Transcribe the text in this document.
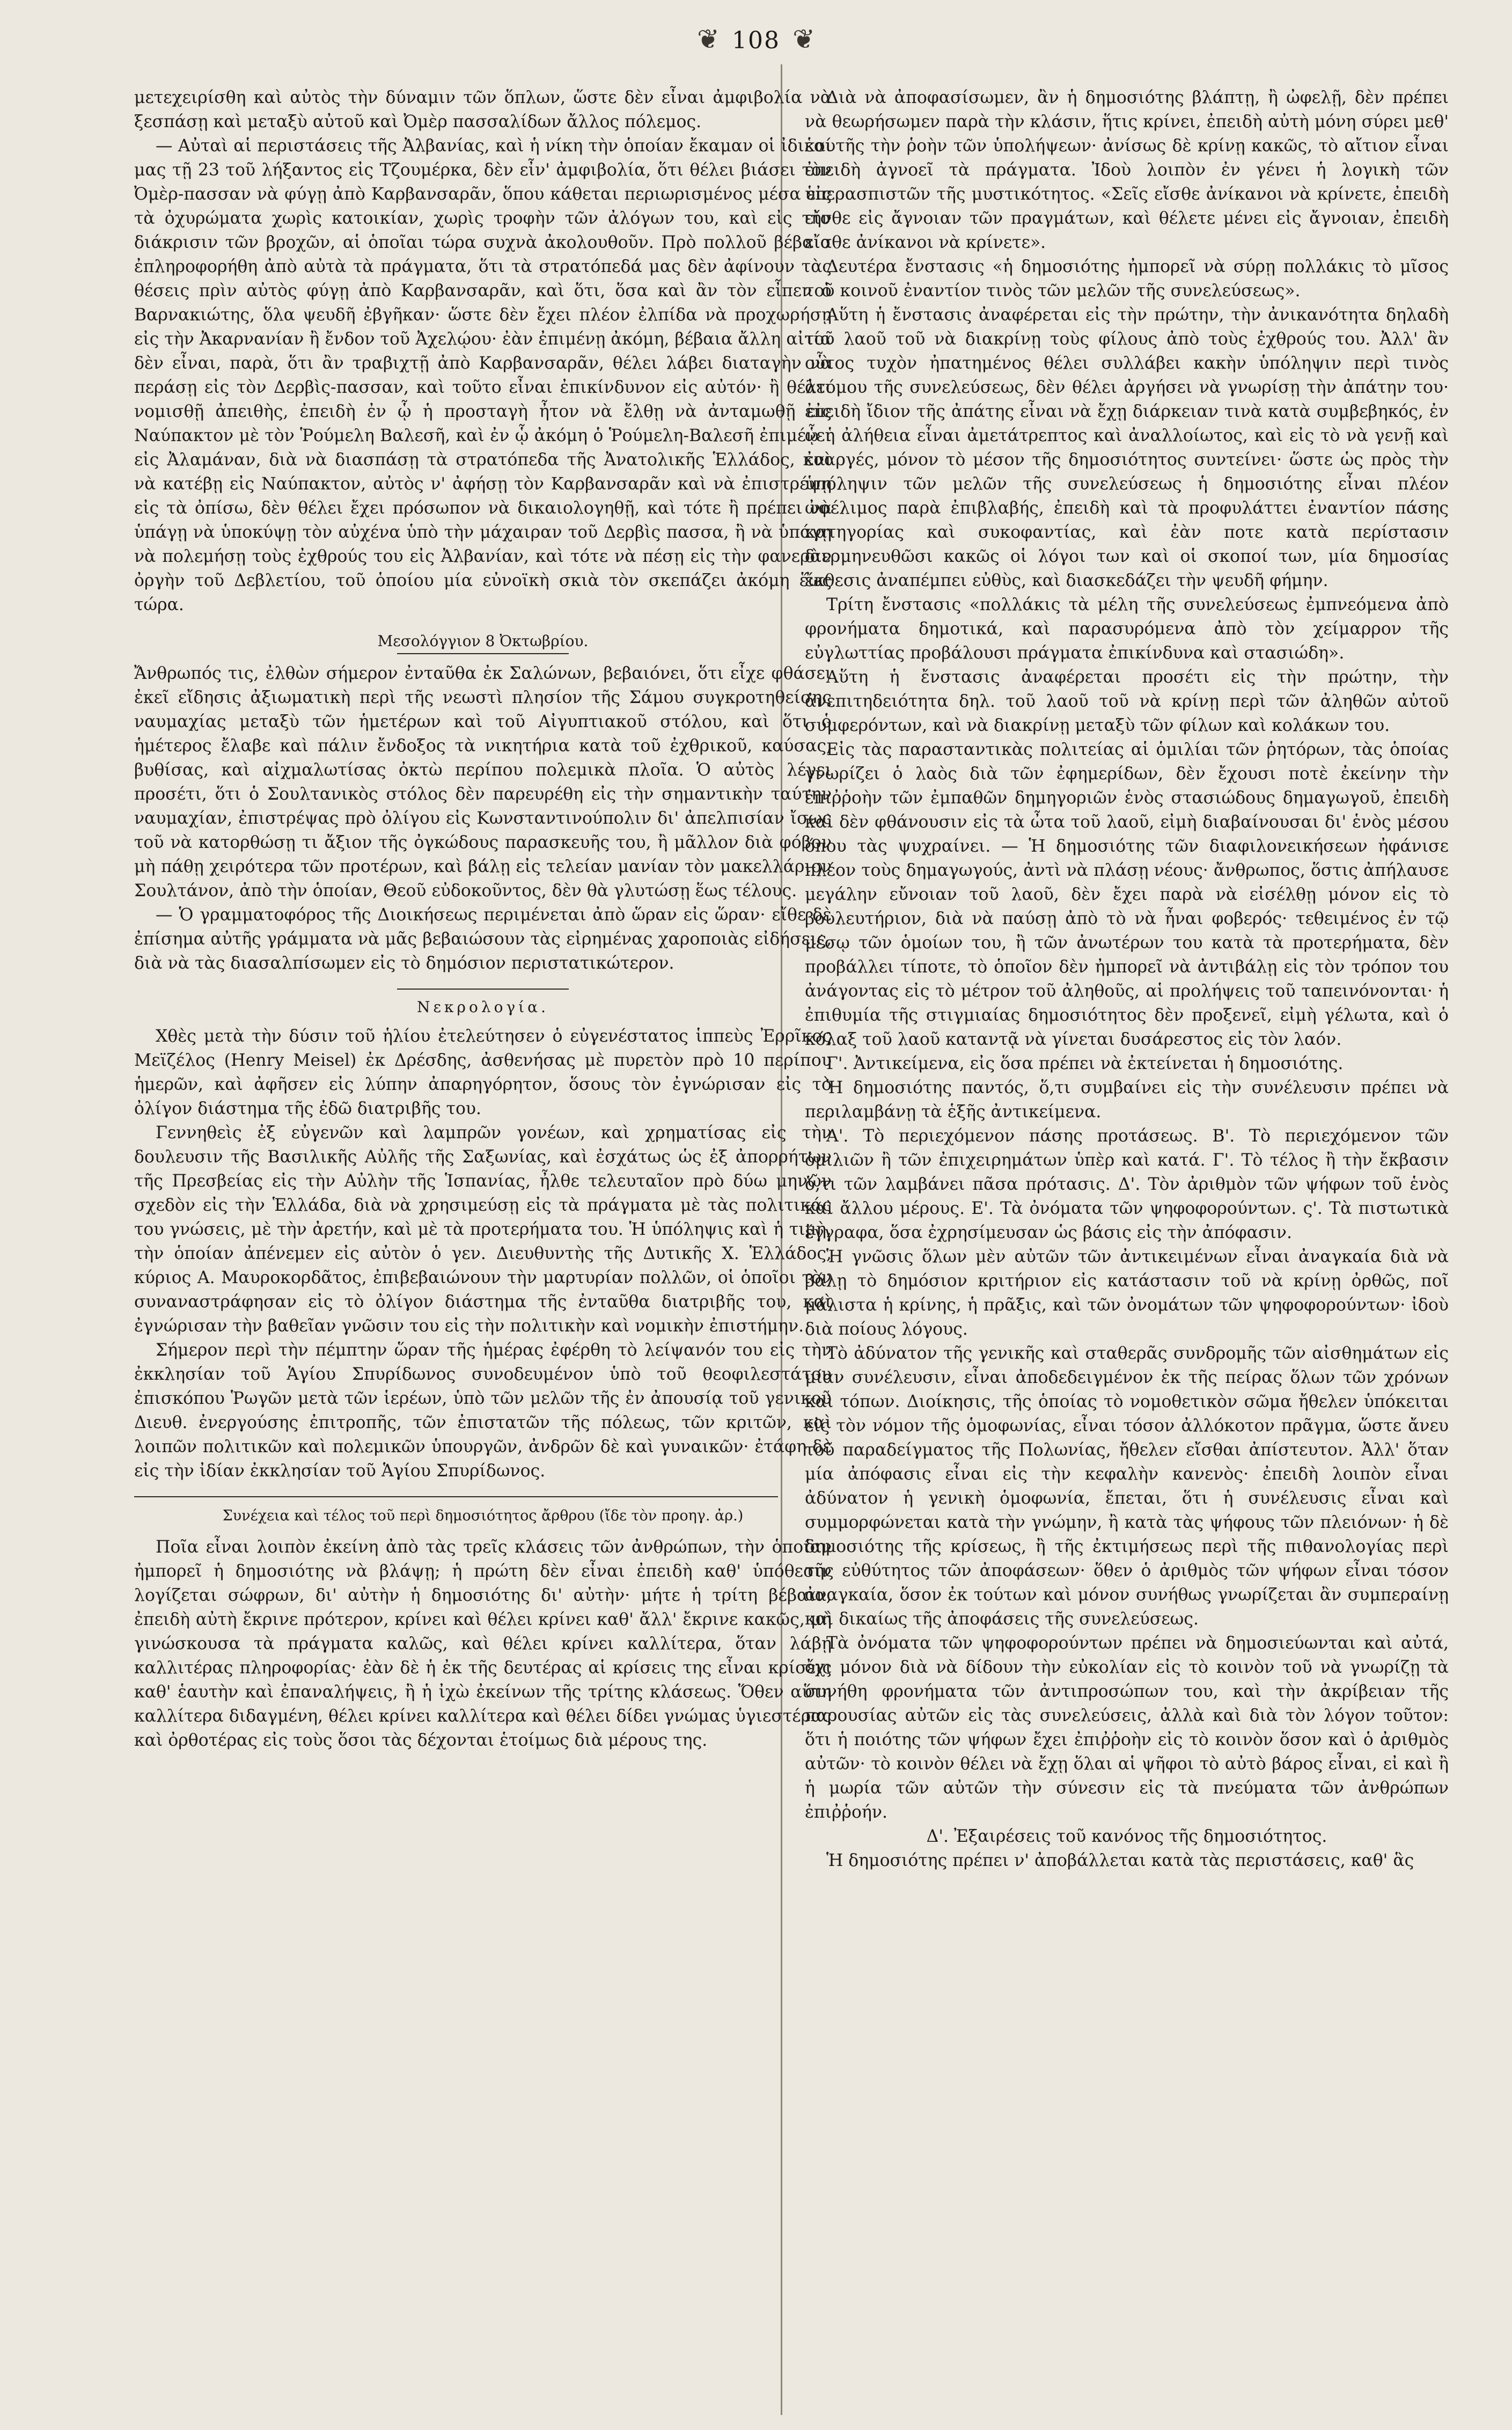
❦ 108 ❦

μετεχειρίσθη καὶ αὐτὸς τὴν δύναμιν τῶν ὅπλων, ὥστε δὲν εἶναι ἀμφιβολία νὰ ξεσπάσῃ καὶ μεταξὺ αὐτοῦ καὶ Ὀμὲρ πασσαλίδων ἄλλος πόλεμος.

— Αὐταὶ αἱ περιστάσεις τῆς Ἀλβανίας, καὶ ἡ νίκη τὴν ὁποίαν ἔκαμαν οἱ ἰδικοί μας τῇ 23 τοῦ λήξαντος εἰς Τζουμέρκα, δὲν εἶν' ἀμφιβολία, ὅτι θέλει βιάσει τὸν Ὀμὲρ-πασσαν νὰ φύγῃ ἀπὸ Καρβανσαρᾶν, ὅπου κάθεται περιωρισμένος μέσα εἰς τὰ ὀχυρώματα χωρὶς κατοικίαν, χωρὶς τροφὴν τῶν ἀλόγων του, καὶ εἰς τὴν διάκρισιν τῶν βροχῶν, αἱ ὁποῖαι τώρα συχνὰ ἀκολουθοῦν. Πρὸ πολλοῦ βέβαια ἐπληροφορήθη ἀπὸ αὐτὰ τὰ πράγματα, ὅτι τὰ στρατόπεδά μας δὲν ἀφίνουν τὰς θέσεις πρὶν αὐτὸς φύγῃ ἀπὸ Καρβανσαρᾶν, καὶ ὅτι, ὅσα καὶ ἂν τὸν εἶπεν ὁ Βαρνακιώτης, ὅλα ψευδῆ ἐβγῆκαν· ὥστε δὲν ἔχει πλέον ἐλπίδα νὰ προχωρήσῃ εἰς τὴν Ἀκαρνανίαν ἢ ἔνδον τοῦ Ἀχελῴου· ἐὰν ἐπιμένῃ ἀκόμη, βέβαια ἄλλη αἰτία δὲν εἶναι, παρὰ, ὅτι ἂν τραβιχτῇ ἀπὸ Καρβανσαρᾶν, θέλει λάβει διαταγὴν νὰ περάσῃ εἰς τὸν Δερβὶς-πασσαν, καὶ τοῦτο εἶναι ἐπικίνδυνον εἰς αὐτόν· ἢ θέλει νομισθῇ ἀπειθὴς, ἐπειδὴ ἐν ᾧ ἡ προσταγὴ ἦτον νὰ ἔλθῃ νὰ ἀνταμωθῇ εἰς Ναύπακτον μὲ τὸν Ῥούμελη Βαλεσῆ, καὶ ἐν ᾧ ἀκόμη ὁ Ῥούμελη-Βαλεσῆ ἐπιμένει εἰς Ἀλαμάναν, διὰ νὰ διασπάσῃ τὰ στρατόπεδα τῆς Ἀνατολικῆς Ἑλλάδος, καὶ νὰ κατέβῃ εἰς Ναύπακτον, αὐτὸς ν' ἀφήσῃ τὸν Καρβανσαρᾶν καὶ νὰ ἐπιστρέψῃ εἰς τὰ ὀπίσω, δὲν θέλει ἔχει πρόσωπον νὰ δικαιολογηθῇ, καὶ τότε ἢ πρέπει νὰ ὑπάγῃ νὰ ὑποκύψῃ τὸν αὐχένα ὑπὸ τὴν μάχαιραν τοῦ Δερβὶς πασσα, ἢ νὰ ὑπάγῃ νὰ πολεμήσῃ τοὺς ἐχθρούς του εἰς Ἀλβανίαν, καὶ τότε νὰ πέσῃ εἰς τὴν φανερὰν ὀργὴν τοῦ Δεβλετίου, τοῦ ὁποίου μία εὐνοϊκὴ σκιὰ τὸν σκεπάζει ἀκόμη ἕως τώρα.

Μεσολόγγιον 8 Ὀκτωβρίου.

Ἄνθρωπός τις, ἐλθὼν σήμερον ἐνταῦθα ἐκ Σαλώνων, βεβαιόνει, ὅτι εἶχε φθάσει ἐκεῖ εἴδησις ἀξιωματικὴ περὶ τῆς νεωστὶ πλησίον τῆς Σάμου συγκροτηθείσης ναυμαχίας μεταξὺ τῶν ἡμετέρων καὶ τοῦ Αἰγυπτιακοῦ στόλου, καὶ ὅτι ὁ ἡμέτερος ἔλαβε καὶ πάλιν ἔνδοξος τὰ νικητήρια κατὰ τοῦ ἐχθρικοῦ, καύσας, βυθίσας, καὶ αἰχμαλωτίσας ὀκτὼ περίπου πολεμικὰ πλοῖα. Ὁ αὐτὸς λέγει προσέτι, ὅτι ὁ Σουλτανικὸς στόλος δὲν παρευρέθη εἰς τὴν σημαντικὴν ταύτην ναυμαχίαν, ἐπιστρέψας πρὸ ὀλίγου εἰς Κωνσταντινούπολιν δι' ἀπελπισίαν ἴσως τοῦ νὰ κατορθώσῃ τι ἄξιον τῆς ὀγκώδους παρασκευῆς του, ἢ μᾶλλον διὰ φόβον μὴ πάθῃ χειρότερα τῶν προτέρων, καὶ βάλῃ εἰς τελείαν μανίαν τὸν μακελλάριον Σουλτάνον, ἀπὸ τὴν ὁποίαν, Θεοῦ εὐδοκοῦντος, δὲν θὰ γλυτώσῃ ἕως τέλους.

— Ὁ γραμματοφόρος τῆς Διοικήσεως περιμένεται ἀπὸ ὥραν εἰς ὥραν· εἴθε δὲ ἐπίσημα αὐτῆς γράμματα νὰ μᾶς βεβαιώσουν τὰς εἰρημένας χαροποιὰς εἰδήσεις, διὰ νὰ τὰς διασαλπίσωμεν εἰς τὸ δημόσιον περιστατικώτερον.

Νεκρολογία.

Χθὲς μετὰ τὴν δύσιν τοῦ ἡλίου ἐτελεύτησεν ὁ εὐγενέστατος ἱππεὺς Ἐρρῖκος Μεϊζέλος (Henry Meisel) ἐκ Δρέσδης, ἀσθενήσας μὲ πυρετὸν πρὸ 10 περίπου ἡμερῶν, καὶ ἀφῆσεν εἰς λύπην ἀπαρηγόρητον, ὅσους τὸν ἐγνώρισαν εἰς τὸ ὀλίγον διάστημα τῆς ἐδῶ διατριβῆς του.

Γεννηθεὶς ἐξ εὐγενῶν καὶ λαμπρῶν γονέων, καὶ χρηματίσας εἰς τὴν δουλευσιν τῆς Βασιλικῆς Αὐλῆς τῆς Σαξωνίας, καὶ ἐσχάτως ὡς ἐξ ἀπορρήτων τῆς Πρεσβείας εἰς τὴν Αὐλὴν τῆς Ἱσπανίας, ἦλθε τελευταῖον πρὸ δύω μηνῶν σχεδὸν εἰς τὴν Ἑλλάδα, διὰ νὰ χρησιμεύσῃ εἰς τὰ πράγματα μὲ τὰς πολιτικάς του γνώσεις, μὲ τὴν ἀρετήν, καὶ μὲ τὰ προτερήματα του. Ἡ ὑπόληψις καὶ ἡ τιμὴ, τὴν ὁποίαν ἀπένεμεν εἰς αὐτὸν ὁ γεν. Διευθυντὴς τῆς Δυτικῆς Χ. Ἑλλάδος, κύριος Α. Μαυροκορδᾶτος, ἐπιβεβαιώνουν τὴν μαρτυρίαν πολλῶν, οἱ ὁποῖοι τὸν συναναστράφησαν εἰς τὸ ὀλίγον διάστημα τῆς ἐνταῦθα διατριβῆς του, καὶ ἐγνώρισαν τὴν βαθεῖαν γνῶσιν του εἰς τὴν πολιτικὴν καὶ νομικὴν ἐπιστήμην.

Σήμερον περὶ τὴν πέμπτην ὥραν τῆς ἡμέρας ἐφέρθη τὸ λείψανόν του εἰς τὴν ἐκκλησίαν τοῦ Ἁγίου Σπυρίδωνος συνοδευμένον ὑπὸ τοῦ θεοφιλεστάτου ἐπισκόπου Ῥωγῶν μετὰ τῶν ἱερέων, ὑπὸ τῶν μελῶν τῆς ἐν ἀπουσίᾳ τοῦ γενικοῦ Διευθ. ἐνεργούσης ἐπιτροπῆς, τῶν ἐπιστατῶν τῆς πόλεως, τῶν κριτῶν, καὶ λοιπῶν πολιτικῶν καὶ πολεμικῶν ὑπουργῶν, ἀνδρῶν δὲ καὶ γυναικῶν· ἐτάφη δὲ εἰς τὴν ἰδίαν ἐκκλησίαν τοῦ Ἁγίου Σπυρίδωνος.

Συνέχεια καὶ τέλος τοῦ περὶ δημοσιότητος ἄρθρου (ἴδε τὸν προηγ. ἀρ.)

Ποῖα εἶναι λοιπὸν ἐκείνη ἀπὸ τὰς τρεῖς κλάσεις τῶν ἀνθρώπων, τὴν ὁποίαν ἠμπορεῖ ἡ δημοσιότης νὰ βλάψῃ; ἡ πρώτη δὲν εἶναι ἐπειδὴ καθ' ὑπόθεσιν λογίζεται σώφρων, δι' αὐτὴν ἡ δημοσιότης δι' αὐτὴν· μήτε ἡ τρίτη βέβαια, ἐπειδὴ αὐτὴ ἔκρινε πρότερον, κρίνει καὶ θέλει κρίνει καθ' ἄλλ' ἔκρινε κακῶς, μὴ γινώσκουσα τὰ πράγματα καλῶς, καὶ θέλει κρίνει καλλίτερα, ὅταν λάβῃ καλλιτέρας πληροφορίας· ἐὰν δὲ ἡ ἐκ τῆς δευτέρας αἱ κρίσεις της εἶναι κρίσεις καθ' ἑαυτὴν καὶ ἐπαναλήψεις, ἢ ἡ ἰχὼ ἐκείνων τῆς τρίτης κλάσεως. Ὅθεν αὕτη καλλίτερα διδαγμένη, θέλει κρίνει καλλίτερα καὶ θέλει δίδει γνώμας ὑγιεστέρας καὶ ὀρθοτέρας εἰς τοὺς ὅσοι τὰς δέχονται ἑτοίμως διὰ μέρους της.

Διὰ νὰ ἀποφασίσωμεν, ἂν ἡ δημοσιότης βλάπτῃ, ἢ ὠφελῇ, δὲν πρέπει νὰ θεωρήσωμεν παρὰ τὴν κλάσιν, ἥτις κρίνει, ἐπειδὴ αὐτὴ μόνη σύρει μεθ' ἑαυτῆς τὴν ῥοὴν τῶν ὑπολήψεων· ἀνίσως δὲ κρίνῃ κακῶς, τὸ αἴτιον εἶναι ἐπειδὴ ἀγνοεῖ τὰ πράγματα. Ἰδοὺ λοιπὸν ἐν γένει ἡ λογικὴ τῶν ὑπερασπιστῶν τῆς μυστικότητος. «Σεῖς εἴσθε ἀνίκανοι νὰ κρίνετε, ἐπειδὴ εἴσθε εἰς ἄγνοιαν τῶν πραγμάτων, καὶ θέλετε μένει εἰς ἄγνοιαν, ἐπειδὴ εἴσθε ἀνίκανοι νὰ κρίνετε».

Δευτέρα ἔνστασις «ἡ δημοσιότης ἠμπορεῖ νὰ σύρῃ πολλάκις τὸ μῖσος τοῦ κοινοῦ ἐναντίον τινὸς τῶν μελῶν τῆς συνελεύσεως».

Αὕτη ἡ ἔνστασις ἀναφέρεται εἰς τὴν πρώτην, τὴν ἀνικανότητα δηλαδὴ τοῦ λαοῦ τοῦ νὰ διακρίνῃ τοὺς φίλους ἀπὸ τοὺς ἐχθρούς του. Ἀλλ' ἂν οὗτος τυχὸν ἠπατημένος θέλει συλλάβει κακὴν ὑπόληψιν περὶ τινὸς ἀτόμου τῆς συνελεύσεως, δὲν θέλει ἀργήσει νὰ γνωρίσῃ τὴν ἀπάτην του· ἐπειδὴ ἴδιον τῆς ἀπάτης εἶναι νὰ ἔχῃ διάρκειαν τινὰ κατὰ συμβεβηκός, ἐν ᾧ ἡ ἀλήθεια εἶναι ἀμετάτρεπτος καὶ ἀναλλοίωτος, καὶ εἰς τὸ νὰ γενῇ καὶ ἐναργές, μόνον τὸ μέσον τῆς δημοσιότητος συντείνει· ὥστε ὡς πρὸς τὴν ὑπόληψιν τῶν μελῶν τῆς συνελεύσεως ἡ δημοσιότης εἶναι πλέον ὠφέλιμος παρὰ ἐπιβλαβής, ἐπειδὴ καὶ τὰ προφυλάττει ἐναντίον πάσης κατηγορίας καὶ συκοφαντίας, καὶ ἐὰν ποτε κατὰ περίστασιν διερμηνευθῶσι κακῶς οἱ λόγοι των καὶ οἱ σκοποί των, μία δημοσίας ἔκθεσις ἀναπέμπει εὐθὺς, καὶ διασκεδάζει τὴν ψευδῆ φήμην.

Τρίτη ἔνστασις «πολλάκις τὰ μέλη τῆς συνελεύσεως ἐμπνεόμενα ἀπὸ φρονήματα δημοτικά, καὶ παρασυρόμενα ἀπὸ τὸν χείμαρρον τῆς εὐγλωττίας προβάλουσι πράγματα ἐπικίνδυνα καὶ στασιώδη».

Αὕτη ἡ ἔνστασις ἀναφέρεται προσέτι εἰς τὴν πρώτην, τὴν ἀνεπιτηδειότητα δηλ. τοῦ λαοῦ τοῦ νὰ κρίνῃ περὶ τῶν ἀληθῶν αὐτοῦ συμφερόντων, καὶ νὰ διακρίνῃ μεταξὺ τῶν φίλων καὶ κολάκων του.

Εἰς τὰς παρασταντικὰς πολιτείας αἱ ὁμιλίαι τῶν ῥητόρων, τὰς ὁποίας γνωρίζει ὁ λαὸς διὰ τῶν ἐφημερίδων, δὲν ἔχουσι ποτὲ ἐκείνην τὴν ἐπιῤῥοὴν τῶν ἐμπαθῶν δημηγοριῶν ἑνὸς στασιώδους δημαγωγοῦ, ἐπειδὴ καὶ δὲν φθάνουσιν εἰς τὰ ὦτα τοῦ λαοῦ, εἰμὴ διαβαίνουσαι δι' ἑνὸς μέσου ὅπου τὰς ψυχραίνει. — Ἡ δημοσιότης τῶν διαφιλονεικήσεων ἠφάνισε πλέον τοὺς δημαγωγούς, ἀντὶ νὰ πλάσῃ νέους· ἄνθρωπος, ὅστις ἀπήλαυσε μεγάλην εὔνοιαν τοῦ λαοῦ, δὲν ἔχει παρὰ νὰ εἰσέλθῃ μόνον εἰς τὸ βουλευτήριον, διὰ νὰ παύσῃ ἀπὸ τὸ νὰ ἦναι φοβερός· τεθειμένος ἐν τῷ μέσῳ τῶν ὁμοίων του, ἢ τῶν ἀνωτέρων του κατὰ τὰ προτερήματα, δὲν προβάλλει τίποτε, τὸ ὁποῖον δὲν ἠμπορεῖ νὰ ἀντιβάλῃ εἰς τὸν τρόπον του ἀνάγοντας εἰς τὸ μέτρον τοῦ ἀληθοῦς, αἱ προλήψεις τοῦ ταπεινόνονται· ἡ ἐπιθυμία τῆς στιγμιαίας δημοσιότητος δὲν προξενεῖ, εἰμὴ γέλωτα, καὶ ὁ κόλαξ τοῦ λαοῦ καταντᾷ νὰ γίνεται δυσάρεστος εἰς τὸν λαόν.

Γ'. Ἀντικείμενα, εἰς ὅσα πρέπει νὰ ἐκτείνεται ἡ δημοσιότης.

Ἡ δημοσιότης παντός, ὅ,τι συμβαίνει εἰς τὴν συνέλευσιν πρέπει νὰ περιλαμβάνῃ τὰ ἑξῆς ἀντικείμενα.

Α'. Τὸ περιεχόμενον πάσης προτάσεως. Β'. Τὸ περιεχόμενον τῶν ὁμιλιῶν ἢ τῶν ἐπιχειρημάτων ὑπὲρ καὶ κατά. Γ'. Τὸ τέλος ἢ τὴν ἔκβασιν ὅ,τι τῶν λαμβάνει πᾶσα πρότασις. Δ'. Τὸν ἀριθμὸν τῶν ψήφων τοῦ ἑνὸς καὶ ἄλλου μέρους. Ε'. Τὰ ὀνόματα τῶν ψηφοφορούντων. ς'. Τὰ πιστωτικὰ ἔγγραφα, ὅσα ἐχρησίμευσαν ὡς βάσις εἰς τὴν ἀπόφασιν.

Ἡ γνῶσις ὅλων μὲν αὐτῶν τῶν ἀντικειμένων εἶναι ἀναγκαία διὰ νὰ βάλῃ τὸ δημόσιον κριτήριον εἰς κατάστασιν τοῦ νὰ κρίνῃ ὀρθῶς, ποῖ μάλιστα ἡ κρίνης, ἡ πρᾶξις, καὶ τῶν ὀνομάτων τῶν ψηφοφορούντων· ἰδοὺ διὰ ποίους λόγους.

Τὸ ἀδύνατον τῆς γενικῆς καὶ σταθερᾶς συνδρομῆς τῶν αἰσθημάτων εἰς μίαν συνέλευσιν, εἶναι ἀποδεδειγμένον ἐκ τῆς πείρας ὅλων τῶν χρόνων καὶ τόπων. Διοίκησις, τῆς ὁποίας τὸ νομοθετικὸν σῶμα ἤθελεν ὑπόκειται εἰς τὸν νόμον τῆς ὁμοφωνίας, εἶναι τόσον ἀλλόκοτον πρᾶγμα, ὥστε ἄνευ τοῦ παραδείγματος τῆς Πολωνίας, ἤθελεν εἴσθαι ἀπίστευτον. Ἀλλ' ὅταν μία ἀπόφασις εἶναι εἰς τὴν κεφαλὴν κανενὸς· ἐπειδὴ λοιπὸν εἶναι ἀδύνατον ἡ γενικὴ ὁμοφωνία, ἔπεται, ὅτι ἡ συνέλευσις εἶναι καὶ συμμορφώνεται κατὰ τὴν γνώμην, ἢ κατὰ τὰς ψήφους τῶν πλειόνων· ἡ δὲ δημοσιότης τῆς κρίσεως, ἢ τῆς ἐκτιμήσεως περὶ τῆς πιθανολογίας περὶ τῆς εὐθύτητος τῶν ἀποφάσεων· ὅθεν ὁ ἀριθμὸς τῶν ψήφων εἶναι τόσον ἀναγκαία, ὅσον ἐκ τούτων καὶ μόνον συνήθως γνωρίζεται ἂν συμπεραίνῃ καὶ δικαίως τῆς ἀποφάσεις τῆς συνελεύσεως.

Τὰ ὀνόματα τῶν ψηφοφορούντων πρέπει νὰ δημοσιεύωνται καὶ αὐτά, ὄχι μόνον διὰ νὰ δίδουν τὴν εὐκολίαν εἰς τὸ κοινὸν τοῦ νὰ γνωρίζῃ τὰ συνήθη φρονήματα τῶν ἀντιπροσώπων του, καὶ τὴν ἀκρίβειαν τῆς παρουσίας αὐτῶν εἰς τὰς συνελεύσεις, ἀλλὰ καὶ διὰ τὸν λόγον τοῦτον: ὅτι ἡ ποιότης τῶν ψήφων ἔχει ἐπιῤῥοὴν εἰς τὸ κοινὸν ὅσον καὶ ὁ ἀριθμὸς αὐτῶν· τὸ κοινὸν θέλει νὰ ἔχῃ ὅλαι αἱ ψῆφοι τὸ αὐτὸ βάρος εἶναι, εἰ καὶ ἢ ἡ μωρία τῶν αὐτῶν τὴν σύνεσιν εἰς τὰ πνεύματα τῶν ἀνθρώπων ἐπιῤῥοήν.

Δ'. Ἐξαιρέσεις τοῦ κανόνος τῆς δημοσιότητος.

Ἡ δημοσιότης πρέπει ν' ἀποβάλλεται κατὰ τὰς περιστάσεις, καθ' ἃς
